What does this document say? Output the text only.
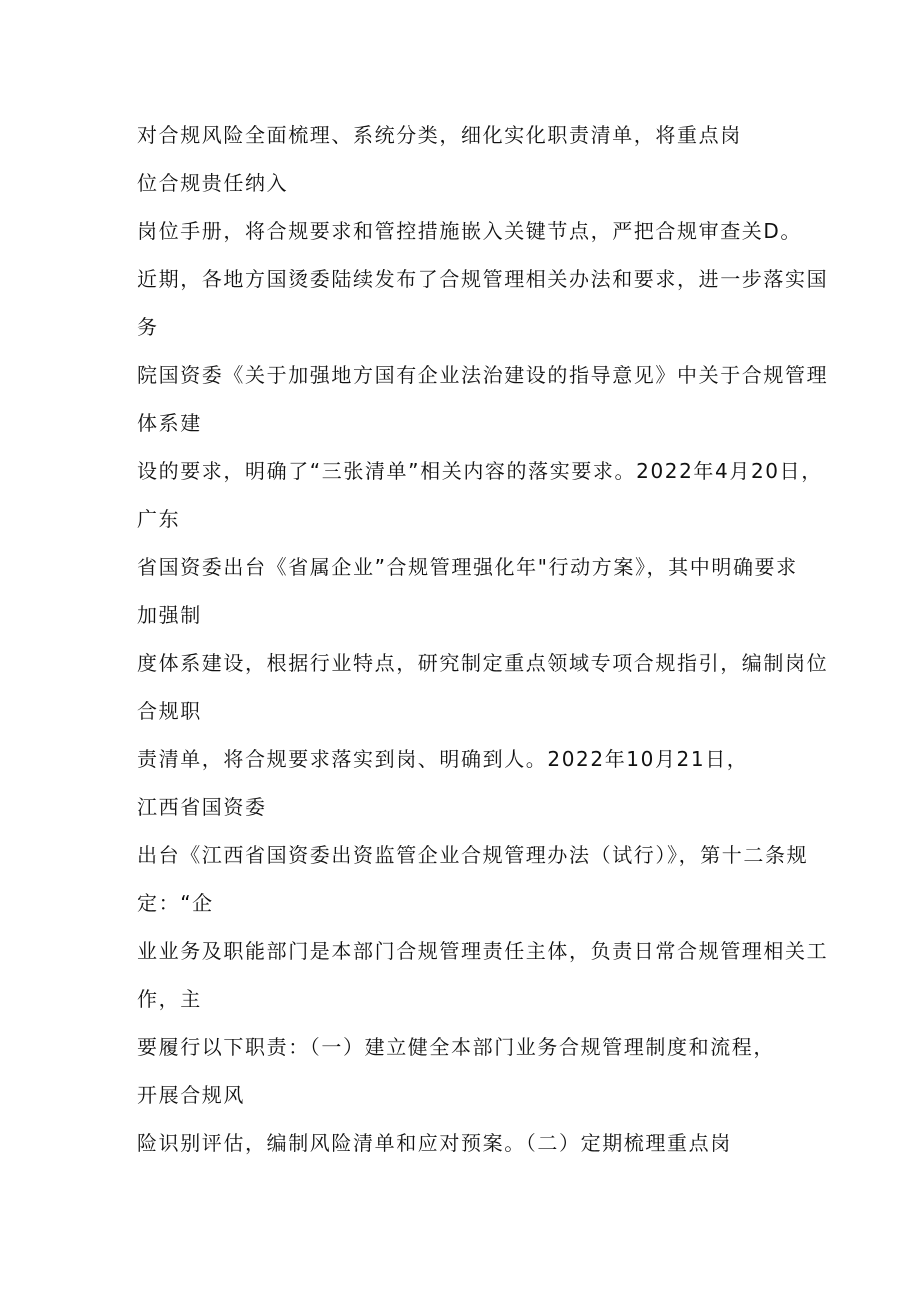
对合规风险全面梳理、系统分类，细化实化职责清单，将重点岗
位合规贵任纳入
岗位手册，将合规要求和管控措施嵌入关键节点，严把合规审查关D。
近期，各地方国烫委陆续发布了合规管理相关办法和要求，进一步落实国
务
院国资委《关于加强地方国有企业法治建设的指导意见》中关于合规管理
体系建
设的要求，明确了“三张清单”相关内容的落实要求。2022年4月20日，
广东
省国资委出台《省属企业”合规管理强化年"行动方案》，其中明确要求
加强制
度体系建设，根据行业特点，研究制定重点领域专项合规指引，编制岗位
合规职
责清单，将合规要求落实到岗、明确到人。2022年10月21日，
江西省国资委
出台《江西省国资委出资监管企业合规管理办法（试行）》，第十二条规
定：“企
业业务及职能部门是本部门合规管理责任主体，负责日常合规管理相关工
作，主
要履行以下职责：（一）建立健全本部门业务合规管理制度和流程，
开展合规风
险识别评估，编制风险清单和应对预案。（二）定期梳理重点岗
